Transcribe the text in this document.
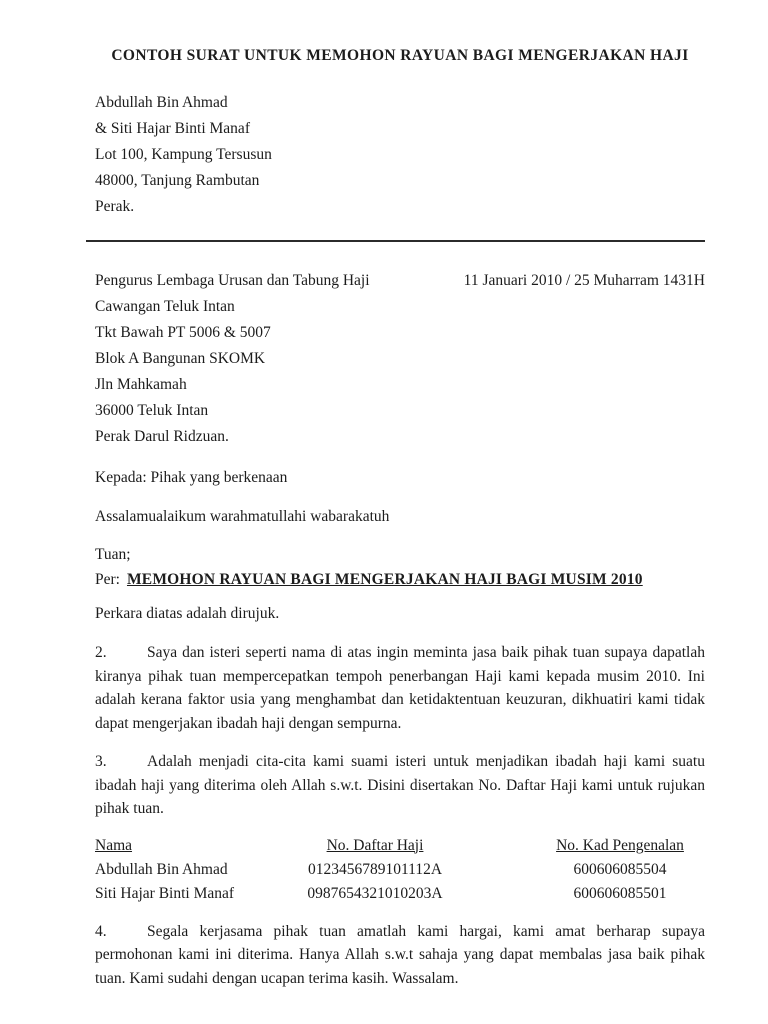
CONTOH SURAT UNTUK MEMOHON RAYUAN BAGI MENGERJAKAN HAJI

Abdullah Bin Ahmad

& Siti Hajar Binti Manaf

Lot 100, Kampung Tersusun

48000, Tanjung Rambutan

Perak.

Pengurus Lembaga Urusan dan Tabung Haji	11 Januari 2010 / 25 Muharram 1431H

Cawangan Teluk Intan

Tkt Bawah PT 5006 & 5007

Blok A Bangunan SKOMK

Jln Mahkamah

36000 Teluk Intan

Perak Darul Ridzuan.

Kepada: Pihak yang berkenaan

Assalamualaikum warahmatullahi wabarakatuh

Tuan;

Per: MEMOHON RAYUAN BAGI MENGERJAKAN HAJI BAGI MUSIM 2010

Perkara diatas adalah dirujuk.

2.	Saya dan isteri seperti nama di atas ingin meminta jasa baik pihak tuan supaya dapatlah kiranya pihak tuan mempercepatkan tempoh penerbangan Haji kami kepada musim 2010. Ini adalah kerana faktor usia yang menghambat dan ketidaktentuan keuzuran, dikhuatiri kami tidak dapat mengerjakan ibadah haji dengan sempurna.

3.	Adalah menjadi cita-cita kami suami isteri untuk menjadikan ibadah haji kami suatu ibadah haji yang diterima oleh Allah s.w.t. Disini disertakan No. Daftar Haji kami untuk rujukan pihak tuan.

Nama	No. Daftar Haji	No. Kad Pengenalan
Abdullah Bin Ahmad	0123456789101112A	600606085504
Siti Hajar Binti Manaf	0987654321010203A	600606085501

4.	Segala kerjasama pihak tuan amatlah kami hargai, kami amat berharap supaya permohonan kami ini diterima. Hanya Allah s.w.t sahaja yang dapat membalas jasa baik pihak tuan. Kami sudahi dengan ucapan terima kasih. Wassalam.
